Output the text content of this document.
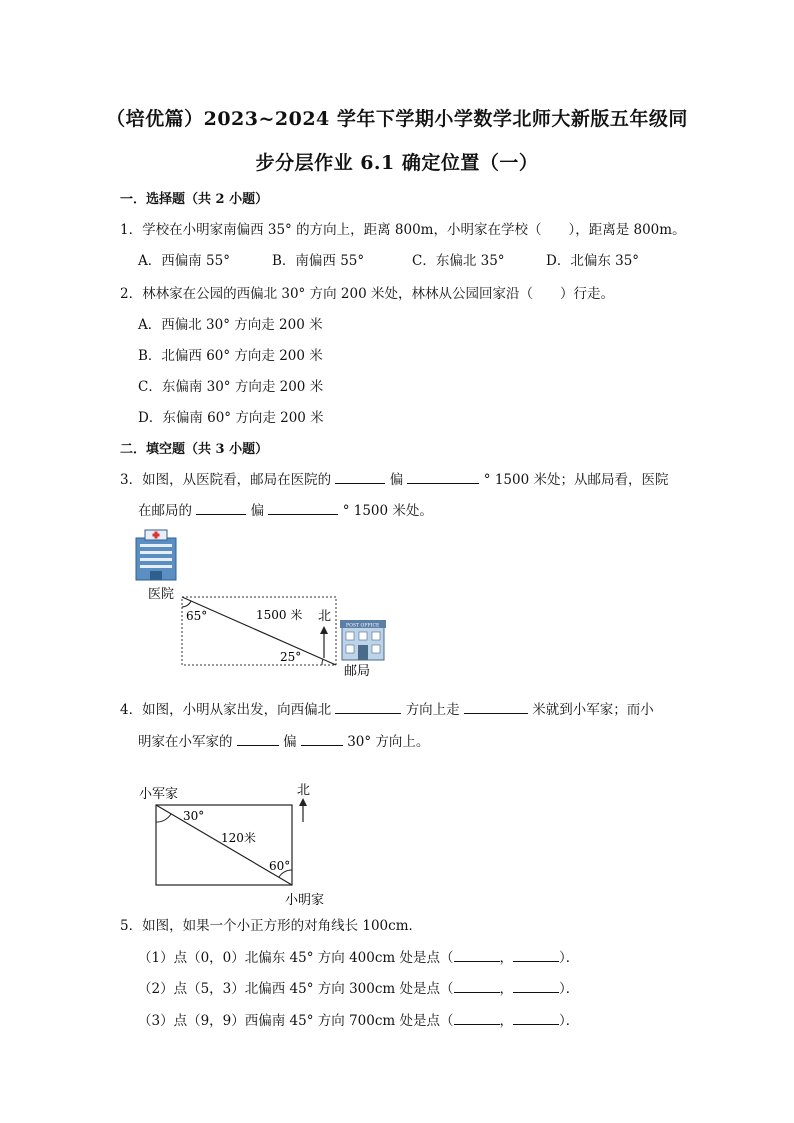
（培优篇）2023~2024 学年下学期小学数学北师大新版五年级同
步分层作业 6.1 确定位置（一）
一．选择题（共 2 小题）
1．学校在小明家南偏西 35° 的方向上，距离 800m，小明家在学校（　　），距离是 800m。
A．西偏南 55°	B．南偏西 55°	C．东偏北 35°	D．北偏东 35°
2．林林家在公园的西偏北 30° 方向 200 米处，林林从公园回家沿（　　）行走。
A．西偏北 30° 方向走 200 米
B．北偏西 60° 方向走 200 米
C．东偏南 30° 方向走 200 米
D．东偏南 60° 方向走 200 米
二．填空题（共 3 小题）
3．如图，从医院看，邮局在医院的	偏	° 1500 米处；从邮局看，医院
在邮局的	偏	° 1500 米处。
医院
65°
25°
1500 米 北
POST OFFICE
邮局
4．如图，小明从家出发，向西偏北	方向上走	米就到小军家；而小
明家在小军家的	偏	30° 方向上。
小军家
30°
120米
60°
北
小明家
5．如图，如果一个小正方形的对角线长 100cm．
（1）点（0，0）北偏东 45° 方向 400cm 处是点（	，	）．
（2）点（5，3）北偏西 45° 方向 300cm 处是点（	，	）．
（3）点（9，9）西偏南 45° 方向 700cm 处是点（	，	）．
